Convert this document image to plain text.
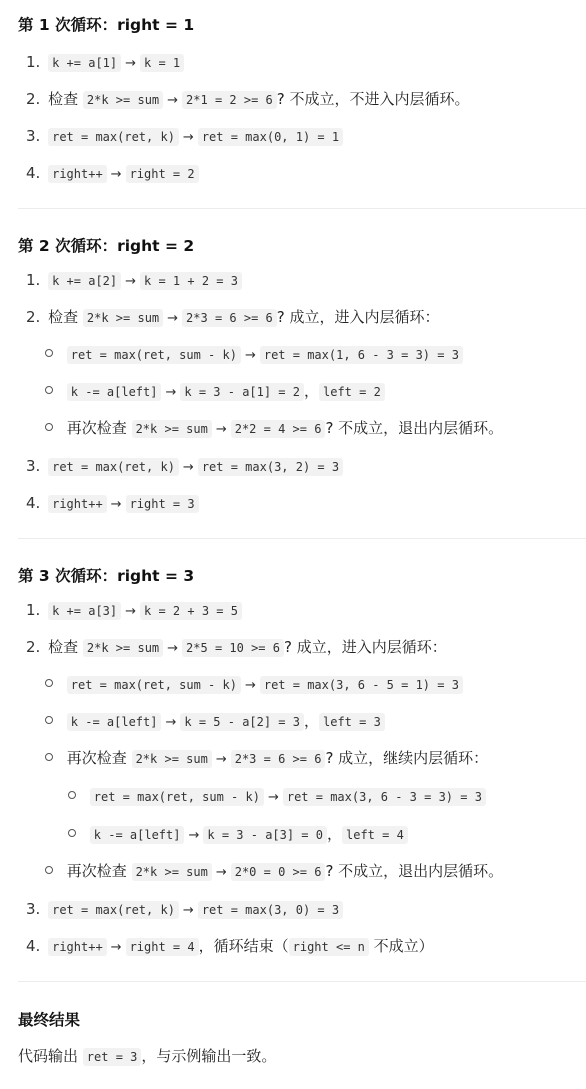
第 1 次循环：right = 1
1. k += a[1] → k = 1
2. 检查 2*k >= sum → 2*1 = 2 >= 6 ? 不成立，不进入内层循环。
3. ret = max(ret, k) → ret = max(0, 1) = 1
4. right++ → right = 2
第 2 次循环：right = 2
1. k += a[2] → k = 1 + 2 = 3
2. 检查 2*k >= sum → 2*3 = 6 >= 6 ? 成立，进入内层循环：
ret = max(ret, sum - k) → ret = max(1, 6 - 3 = 3) = 3
k -= a[left] → k = 3 - a[1] = 2 ， left = 2
再次检查 2*k >= sum → 2*2 = 4 >= 6 ? 不成立，退出内层循环。
3. ret = max(ret, k) → ret = max(3, 2) = 3
4. right++ → right = 3
第 3 次循环：right = 3
1. k += a[3] → k = 2 + 3 = 5
2. 检查 2*k >= sum → 2*5 = 10 >= 6 ? 成立，进入内层循环：
ret = max(ret, sum - k) → ret = max(3, 6 - 5 = 1) = 3
k -= a[left] → k = 5 - a[2] = 3 ， left = 3
再次检查 2*k >= sum → 2*3 = 6 >= 6 ? 成立，继续内层循环：
ret = max(ret, sum - k) → ret = max(3, 6 - 3 = 3) = 3
k -= a[left] → k = 3 - a[3] = 0 ， left = 4
再次检查 2*k >= sum → 2*0 = 0 >= 6 ? 不成立，退出内层循环。
3. ret = max(ret, k) → ret = max(3, 0) = 3
4. right++ → right = 4 ，循环结束（ right <= n 不成立）
最终结果
代码输出 ret = 3 ，与示例输出一致。
